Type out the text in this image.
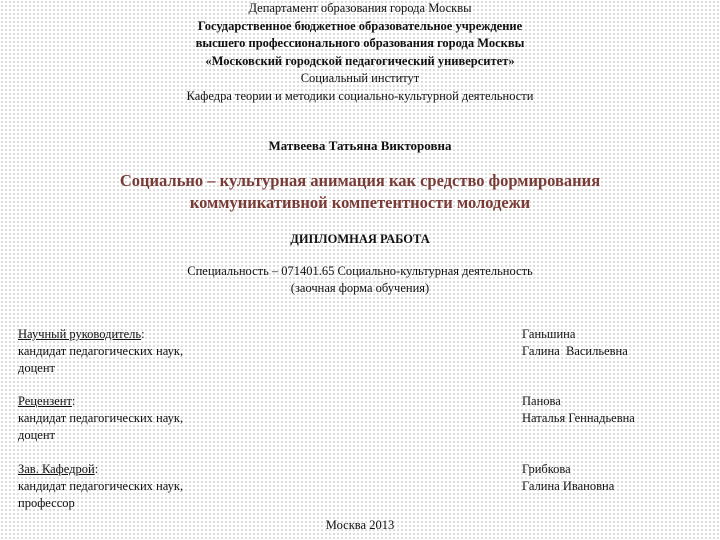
Департамент образования города Москвы
Государственное бюджетное образовательное учреждение
высшего профессионального образования города Москвы
«Московский городской педагогический университет»
Социальный институт
Кафедра теории и методики социально-культурной деятельности
Матвеева Татьяна Викторовна
Социально – культурная анимация как средство формирования
коммуникативной компетентности молодежи
ДИПЛОМНАЯ РАБОТА
Специальность – 071401.65 Социально-культурная деятельность
(заочная форма обучения)
Научный руководитель:
кандидат педагогических наук,
доцент
Ганьшина
Галина  Васильевна
Рецензент:
кандидат педагогических наук,
доцент
Панова
Наталья Геннадьевна
Зав. Кафедрой:
кандидат педагогических наук,
профессор
Грибкова
Галина Ивановна
Москва 2013
